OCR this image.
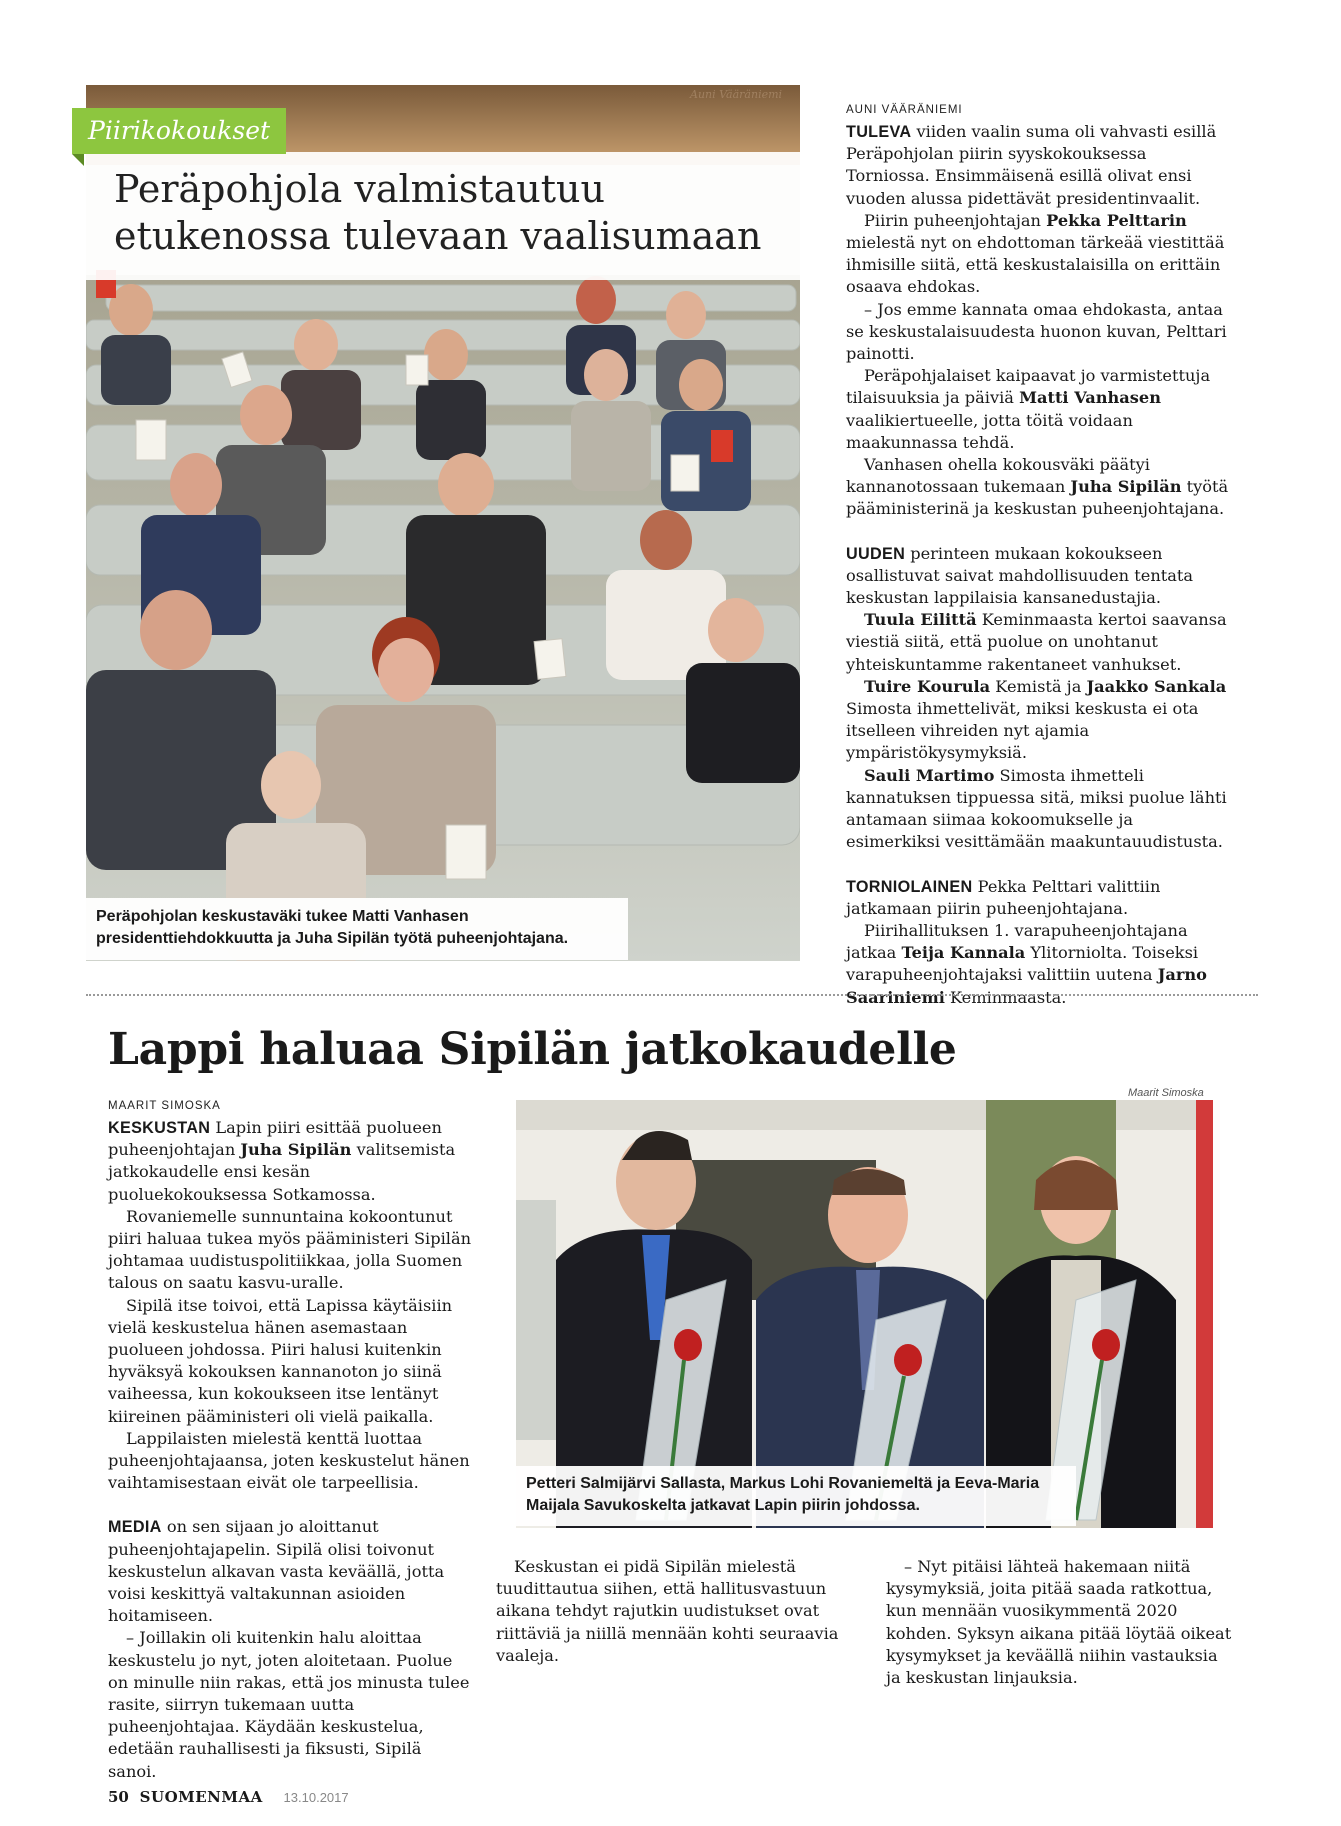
Auni Vääräniemi
Piirikokoukset
Peräpohjola valmistautuu
etukenossa tulevaan vaalisumaan
Peräpohjolan keskustaväki tukee Matti Vanhasen
presidenttiehdokkuutta ja Juha Sipilän työtä puheenjohtajana.
AUNI VÄÄRÄNIEMI

TULEVA viiden vaalin suma oli vahvasti esillä Peräpohjolan piirin syyskokouksessa Torniossa. Ensimmäisenä esillä olivat ensi vuoden alussa pidettävät presidentinvaalit.

Piirin puheenjohtajan Pekka Pelttarin mielestä nyt on ehdottoman tärkeää viestittää ihmisille siitä, että keskustalaisilla on erittäin osaava ehdokas.

– Jos emme kannata omaa ehdokasta, antaa se keskustalaisuudesta huonon kuvan, Pelttari painotti.

Peräpohjalaiset kaipaavat jo varmistettuja tilaisuuksia ja päiviä Matti Vanhasen vaalikiertueelle, jotta töitä voidaan maakunnassa tehdä.

Vanhasen ohella kokousväki päätyi kannanotossaan tukemaan Juha Sipilän työtä pääministerinä ja keskustan puheenjohtajana.

UUDEN perinteen mukaan kokoukseen osallistuvat saivat mahdollisuuden tentata keskustan lappilaisia kansanedustajia.

Tuula Eilittä Keminmaasta kertoi saavansa viestiä siitä, että puolue on unohtanut yhteiskuntamme rakentaneet vanhukset.

Tuire Kourula Kemistä ja Jaakko Sankala Simosta ihmettelivät, miksi keskusta ei ota itselleen vihreiden nyt ajamia ympäristökysymyksiä.

Sauli Martimo Simosta ihmetteli kannatuksen tippuessa sitä, miksi puolue lähti antamaan siimaa kokoomukselle ja esimerkiksi vesittämään maakuntauudistusta.

TORNIOLAINEN Pekka Pelttari valittiin jatkamaan piirin puheenjohtajana.

Piirihallituksen 1. varapuheenjohtajana jatkaa Teija Kannala Ylitorniolta. Toiseksi varapuheenjohtajaksi valittiin uutena Jarno Saariniemi Keminmaasta.

Lappi haluaa Sipilän jatkokaudelle
Maarit Simoska
Petteri Salmijärvi Sallasta, Markus Lohi Rovaniemeltä ja Eeva-Maria
Maijala Savukoskelta jatkavat Lapin piirin johdossa.
MAARIT SIMOSKA

KESKUSTAN Lapin piiri esittää puolueen puheenjohtajan Juha Sipilän valitsemista jatkokaudelle ensi kesän puoluekokouksessa Sotkamossa.

Rovaniemelle sunnuntaina kokoontunut piiri haluaa tukea myös pääministeri Sipilän johtamaa uudistuspolitiikkaa, jolla Suomen talous on saatu kasvu-uralle.

Sipilä itse toivoi, että Lapissa käytäisiin vielä keskustelua hänen asemastaan puolueen johdossa. Piiri halusi kuitenkin hyväksyä kokouksen kannanoton jo siinä vaiheessa, kun kokoukseen itse lentänyt kiireinen pääministeri oli vielä paikalla.

Lappilaisten mielestä kenttä luottaa puheenjohtajaansa, joten keskustelut hänen vaihtamisestaan eivät ole tarpeellisia.

MEDIA on sen sijaan jo aloittanut puheenjohtajapelin. Sipilä olisi toivonut keskustelun alkavan vasta keväällä, jotta voisi keskittyä valtakunnan asioiden hoitamiseen.

– Joillakin oli kuitenkin halu aloittaa keskustelu jo nyt, joten aloitetaan. Puolue on minulle niin rakas, että jos minusta tulee rasite, siirryn tukemaan uutta puheenjohtajaa. Käydään keskustelua, edetään rauhallisesti ja fiksusti, Sipilä sanoi.

Keskustan ei pidä Sipilän mielestä tuudittautua siihen, että hallitusvastuun aikana tehdyt rajutkin uudistukset ovat riittäviä ja niillä mennään kohti seuraavia vaaleja.

– Nyt pitäisi lähteä hakemaan niitä kysymyksiä, joita pitää saada ratkottua, kun mennään vuosikymmentä 2020 kohden. Syksyn aikana pitää löytää oikeat kysymykset ja keväällä niihin vastauksia ja keskustan linjauksia.

50 SUOMENMAA 13.10.2017
